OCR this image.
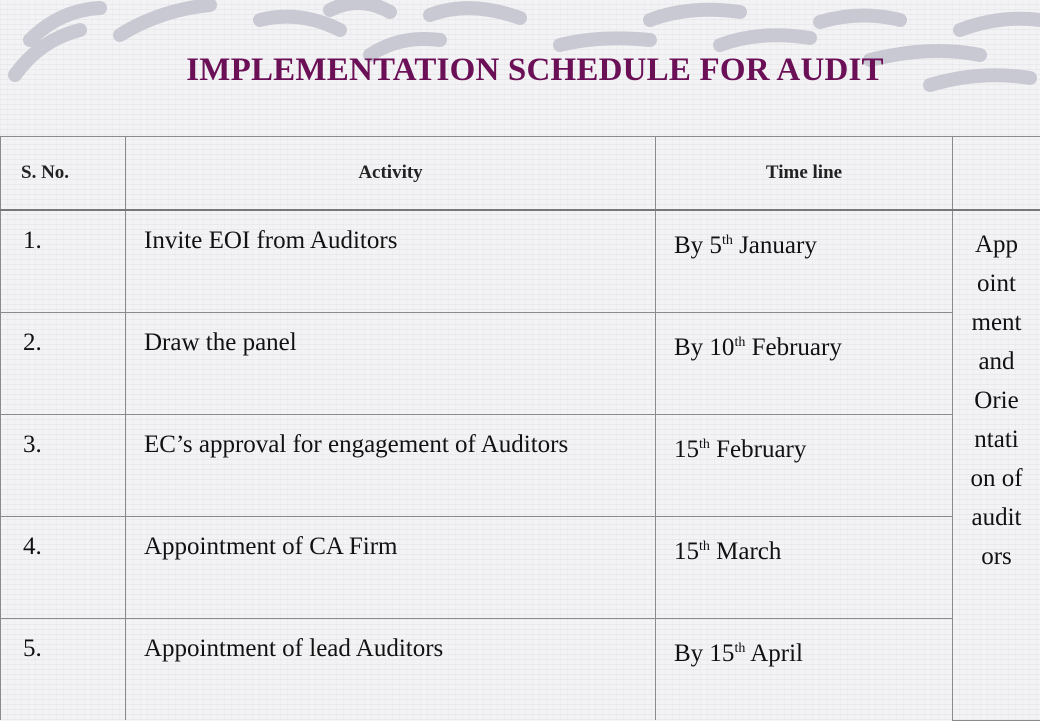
IMPLEMENTATION SCHEDULE FOR AUDIT
S. No.	Activity	Time line	

1.	Invite EOI from Auditors	By 5th January	Appointment and Orientation of auditors

2.	Draw the panel	By 10th February	

3.	EC’s approval for engagement of Auditors	15th February	

4.	Appointment of CA Firm	15th March	

5.	Appointment of lead Auditors	By 15th April	
